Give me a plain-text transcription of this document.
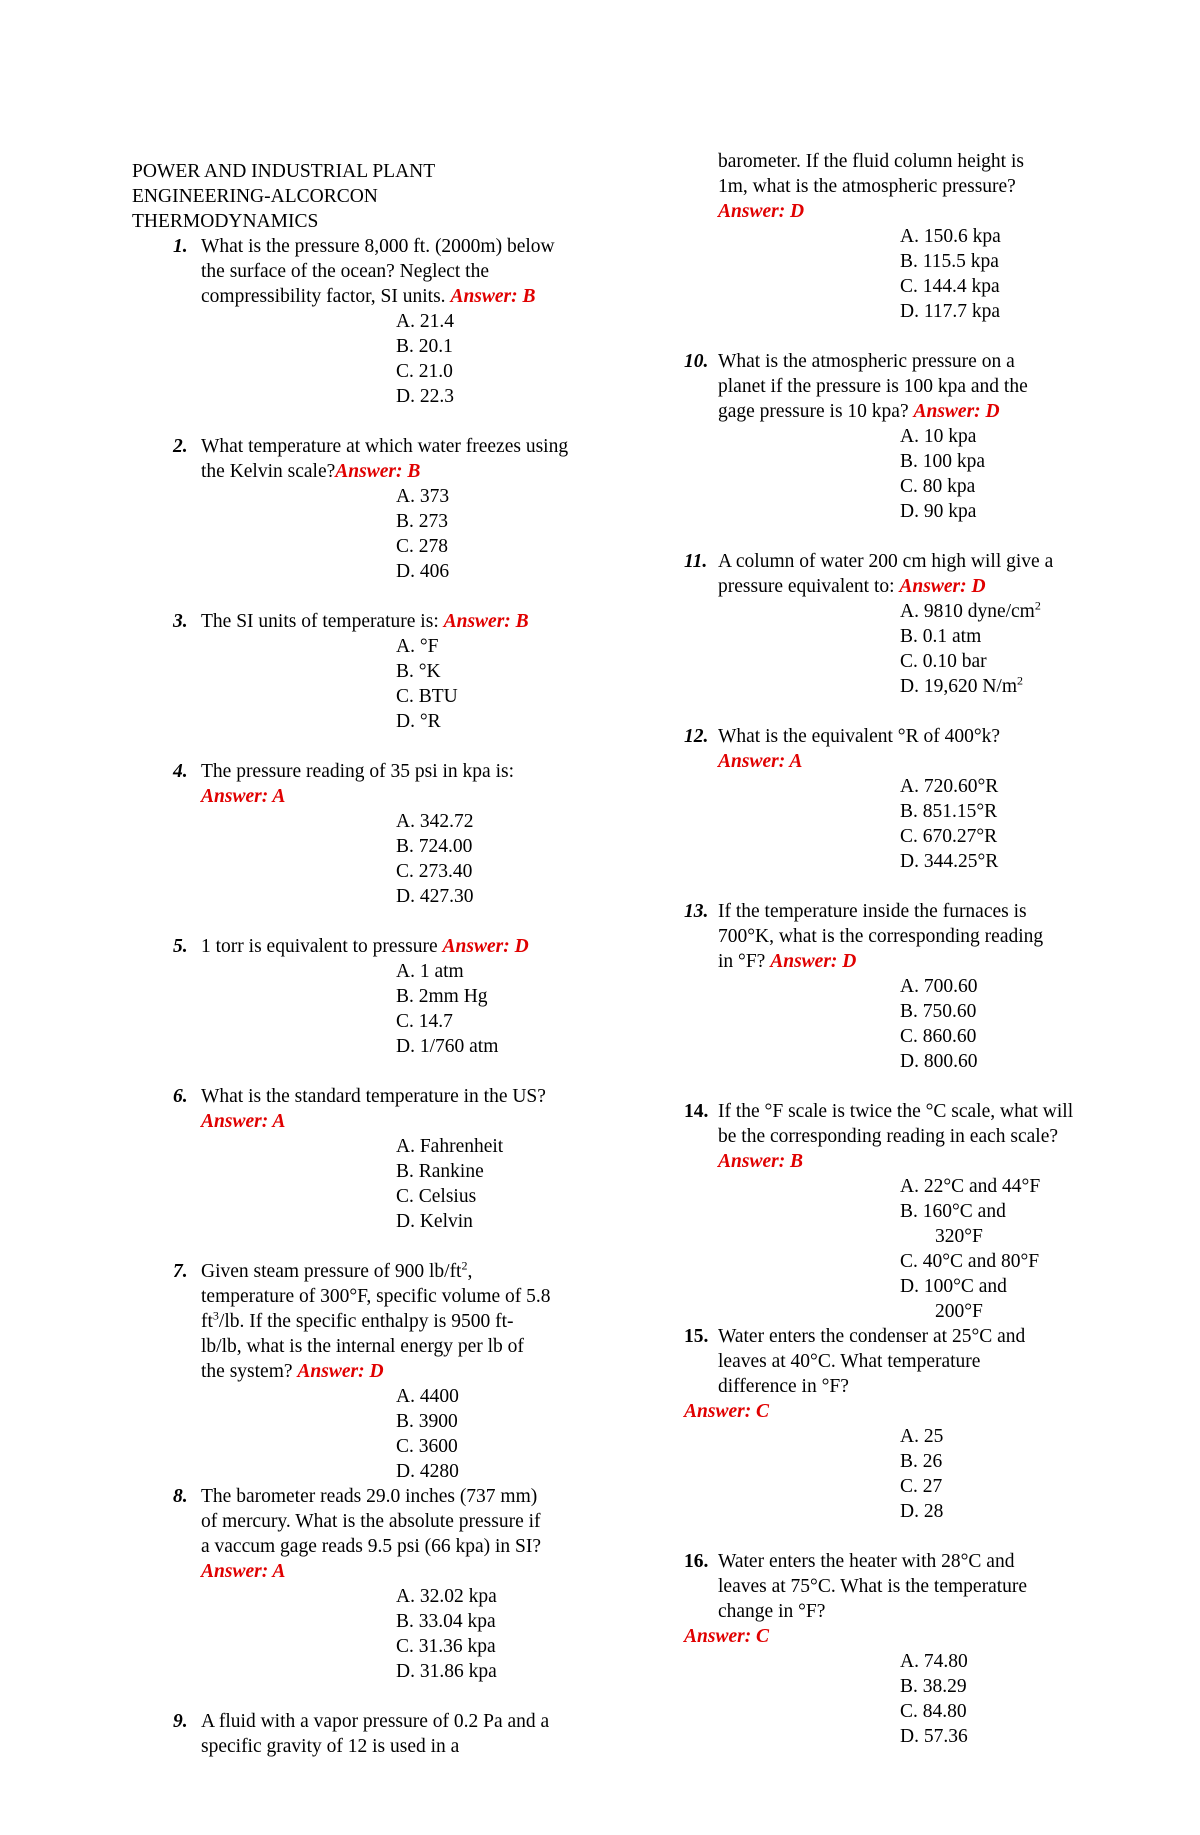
POWER AND INDUSTRIAL PLANT
ENGINEERING-ALCORCON
THERMODYNAMICS
1. What is the pressure 8,000 ft. (2000m) below the surface of the ocean? Neglect the compressibility factor, SI units. Answer: B
A. 21.4
B. 20.1
C. 21.0
D. 22.3
2. What temperature at which water freezes using the Kelvin scale?Answer: B
A. 373
B. 273
C. 278
D. 406
3. The SI units of temperature is: Answer: B
A. °F
B. °K
C. BTU
D. °R
4. The pressure reading of 35 psi in kpa is:
Answer: A
A. 342.72
B. 724.00
C. 273.40
D. 427.30
5. 1 torr is equivalent to pressure Answer: D
A. 1 atm
B. 2mm Hg
C. 14.7
D. 1/760 atm
6. What is the standard temperature in the US? Answer: A
A. Fahrenheit
B. Rankine
C. Celsius
D. Kelvin
7. Given steam pressure of 900 $lb/ft^2$, temperature of 300°F, specific volume of 5.8 $ft^3/lb$. If the specific enthalpy is 9500 ft-lb/lb, what is the internal energy per lb of the system? Answer: D
A. 4400
B. 3900
C. 3600
D. 4280
8. The barometer reads 29.0 inches (737 mm) of mercury. What is the absolute pressure if a vaccum gage reads 9.5 psi (66 kpa) in SI? Answer: A
A. 32.02 kpa
B. 33.04 kpa
C. 31.36 kpa
D. 31.86 kpa
9. A fluid with a vapor pressure of 0.2 Pa and a specific gravity of 12 is used in a
barometer. If the fluid column height is 1m, what is the atmospheric pressure? Answer: D
A. 150.6 kpa
B. 115.5 kpa
C. 144.4 kpa
D. 117.7 kpa
10. What is the atmospheric pressure on a planet if the pressure is 100 kpa and the gage pressure is 10 kpa? Answer: D
A. 10 kpa
B. 100 kpa
C. 80 kpa
D. 90 kpa
11. A column of water 200 cm high will give a pressure equivalent to: Answer: D
A. 9810 dyne/$cm^2$
B. 0.1 atm
C. 0.10 bar
D. 19,620 $N/m^2$
12. What is the equivalent °R of 400°k?
Answer: A
A. 720.60°R
B. 851.15°R
C. 670.27°R
D. 344.25°R
13. If the temperature inside the furnaces is 700°K, what is the corresponding reading in °F? Answer: D
A. 700.60
B. 750.60
C. 860.60
D. 800.60
14. If the °F scale is twice the °C scale, what will be the corresponding reading in each scale?
Answer: B
A. 22°C and 44°F
B. 160°C and
320°F
C. 40°C and 80°F
D. 100°C and
200°F
15. Water enters the condenser at 25°C and leaves at 40°C. What temperature difference in °F?
Answer: C
A. 25
B. 26
C. 27
D. 28
16. Water enters the heater with 28°C and leaves at 75°C. What is the temperature change in °F?
Answer: C
A. 74.80
B. 38.29
C. 84.80
D. 57.36
